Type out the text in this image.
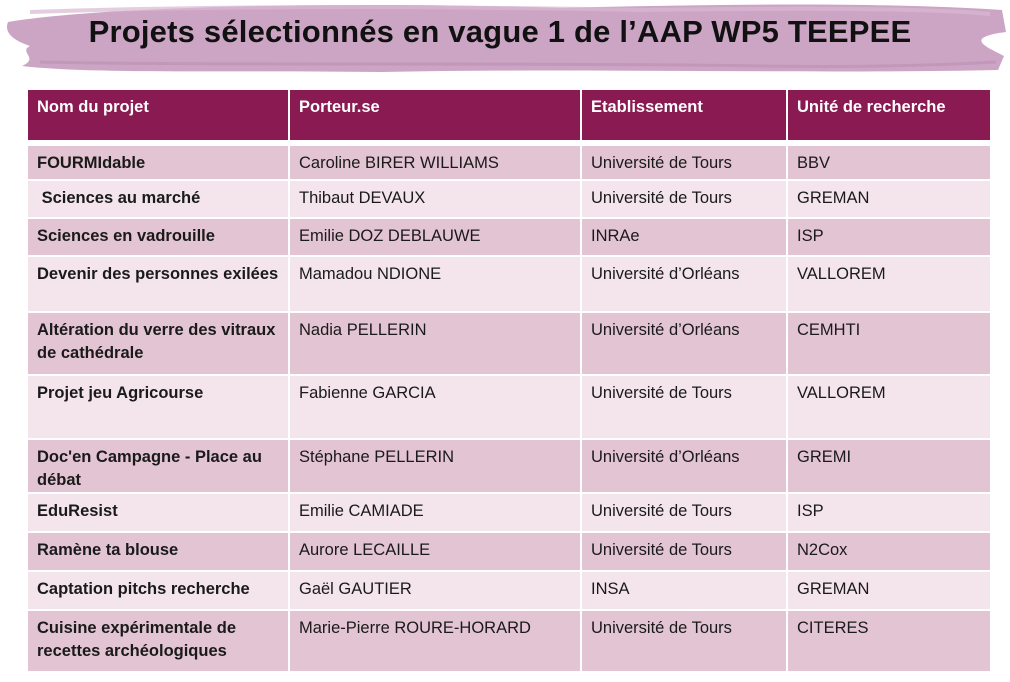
Projets sélectionnés en vague 1 de l’AAP WP5 TEEPEE
Nom du projet	Porteur.se	Etablissement	Unité de recherche
FOURMIdable	Caroline BIRER WILLIAMS	Université de Tours	BBV
Sciences au marché	Thibaut DEVAUX	Université de Tours	GREMAN
Sciences en vadrouille	Emilie DOZ DEBLAUWE	INRAe	ISP
Devenir des personnes exilées	Mamadou NDIONE	Université d’Orléans	VALLOREM
Altération du verre des vitraux de cathédrale	Nadia PELLERIN	Université d’Orléans	CEMHTI
Projet jeu Agricourse	Fabienne GARCIA	Université de Tours	VALLOREM
Doc'en Campagne - Place au débat	Stéphane PELLERIN	Université d’Orléans	GREMI
EduResist	Emilie CAMIADE	Université de Tours	ISP
Ramène ta blouse	Aurore LECAILLE	Université de Tours	N2Cox
Captation pitchs recherche	Gaël GAUTIER	INSA	GREMAN
Cuisine expérimentale de recettes archéologiques	Marie-Pierre ROURE-HORARD	Université de Tours	CITERES
